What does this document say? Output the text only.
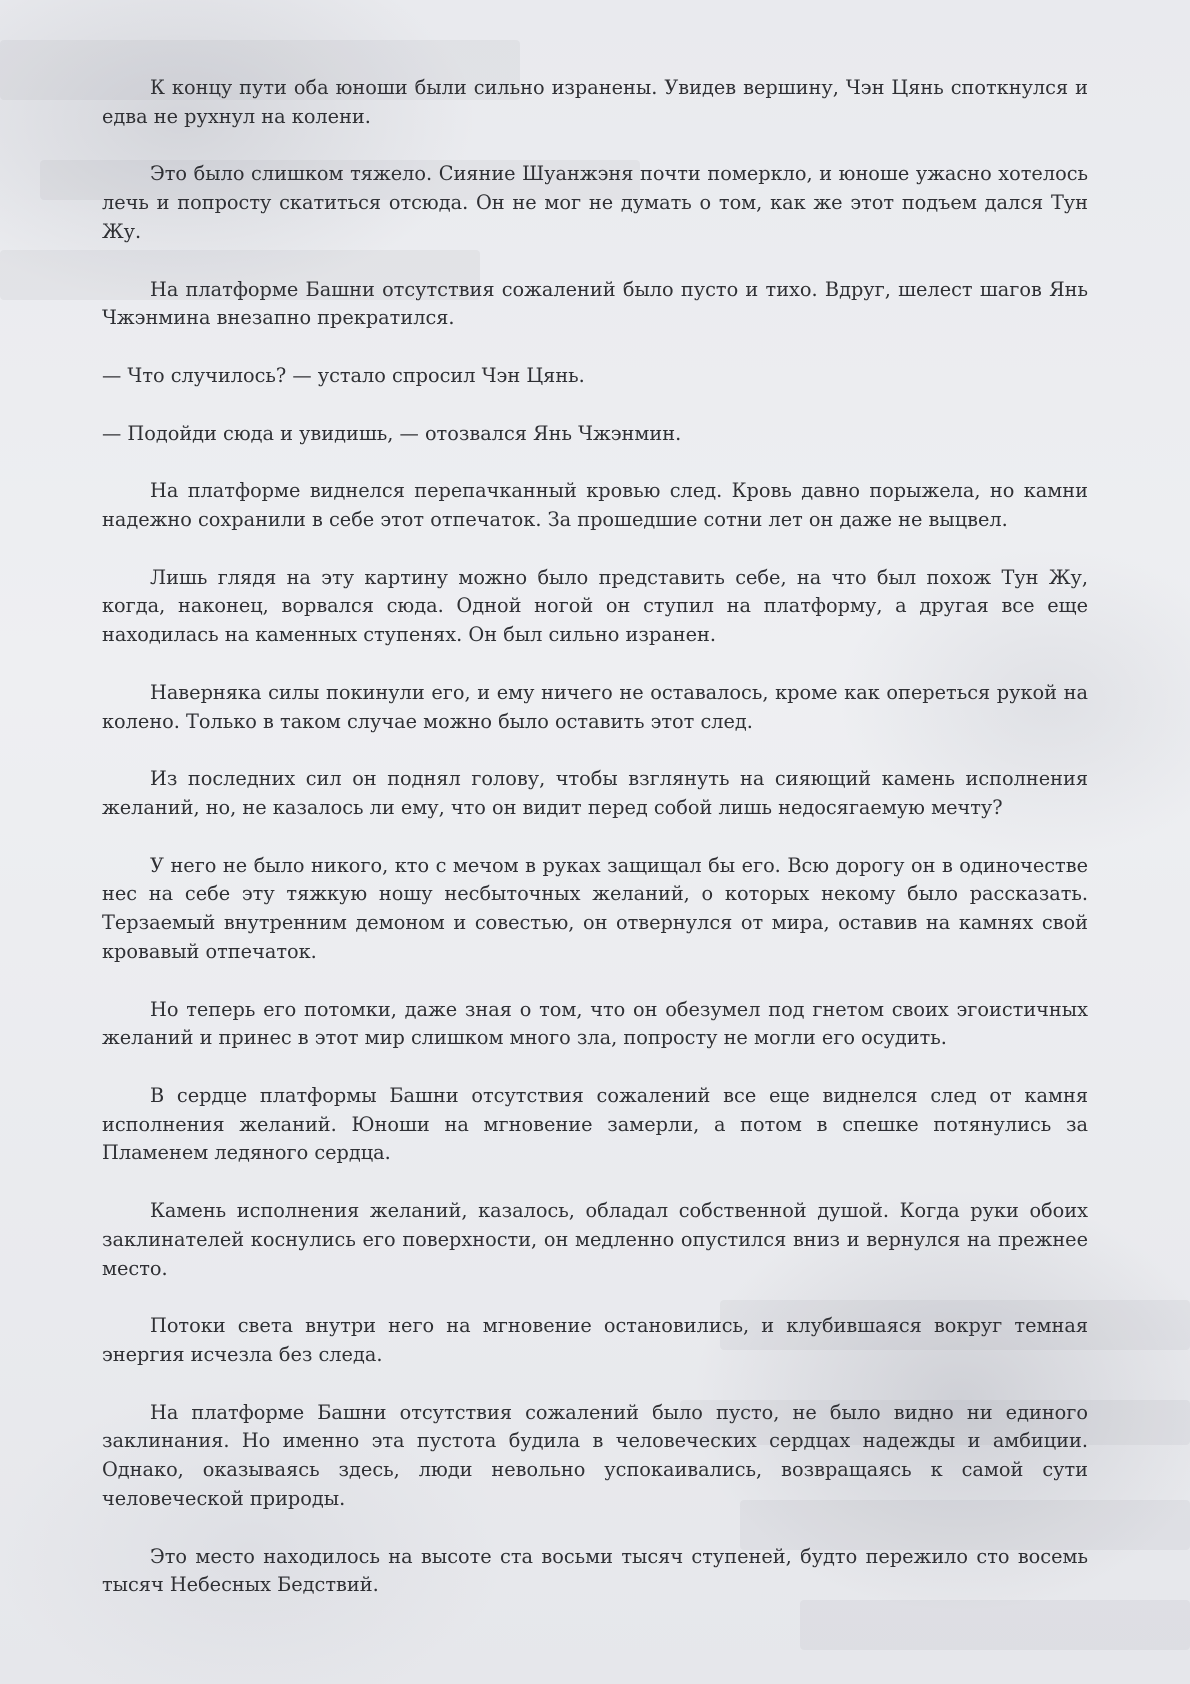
К концу пути оба юноши были сильно изранены. Увидев вершину, Чэн Цянь споткнулся и едва не рухнул на колени.

Это было слишком тяжело. Сияние Шуанжэня почти померкло, и юноше ужасно хотелось лечь и попросту скатиться отсюда. Он не мог не думать о том, как же этот подъем дался Тун Жу.

На платформе Башни отсутствия сожалений было пусто и тихо. Вдруг, шелест шагов Янь Чжэнмина внезапно прекратился.

— Что случилось? — устало спросил Чэн Цянь.

— Подойди сюда и увидишь, — отозвался Янь Чжэнмин.

На платформе виднелся перепачканный кровью след. Кровь давно порыжела, но камни надежно сохранили в себе этот отпечаток. За прошедшие сотни лет он даже не выцвел.

Лишь глядя на эту картину можно было представить себе, на что был похож Тун Жу, когда, наконец, ворвался сюда. Одной ногой он ступил на платформу, а другая все еще находилась на каменных ступенях. Он был сильно изранен.

Наверняка силы покинули его, и ему ничего не оставалось, кроме как опереться рукой на колено. Только в таком случае можно было оставить этот след.

Из последних сил он поднял голову, чтобы взглянуть на сияющий камень исполнения желаний, но, не казалось ли ему, что он видит перед собой лишь недосягаемую мечту?

У него не было никого, кто с мечом в руках защищал бы его. Всю дорогу он в одиночестве нес на себе эту тяжкую ношу несбыточных желаний, о которых некому было рассказать. Терзаемый внутренним демоном и совестью, он отвернулся от мира, оставив на камнях свой кровавый отпечаток.

Но теперь его потомки, даже зная о том, что он обезумел под гнетом своих эгоистичных желаний и принес в этот мир слишком много зла, попросту не могли его осудить.

В сердце платформы Башни отсутствия сожалений все еще виднелся след от камня исполнения желаний. Юноши на мгновение замерли, а потом в спешке потянулись за Пламенем ледяного сердца.

Камень исполнения желаний, казалось, обладал собственной душой. Когда руки обоих заклинателей коснулись его поверхности, он медленно опустился вниз и вернулся на прежнее место.

Потоки света внутри него на мгновение остановились, и клубившаяся вокруг темная энергия исчезла без следа.

На платформе Башни отсутствия сожалений было пусто, не было видно ни единого заклинания. Но именно эта пустота будила в человеческих сердцах надежды и амбиции. Однако, оказываясь здесь, люди невольно успокаивались, возвращаясь к самой сути человеческой природы.

Это место находилось на высоте ста восьми тысяч ступеней, будто пережило сто восемь тысяч Небесных Бедствий.
